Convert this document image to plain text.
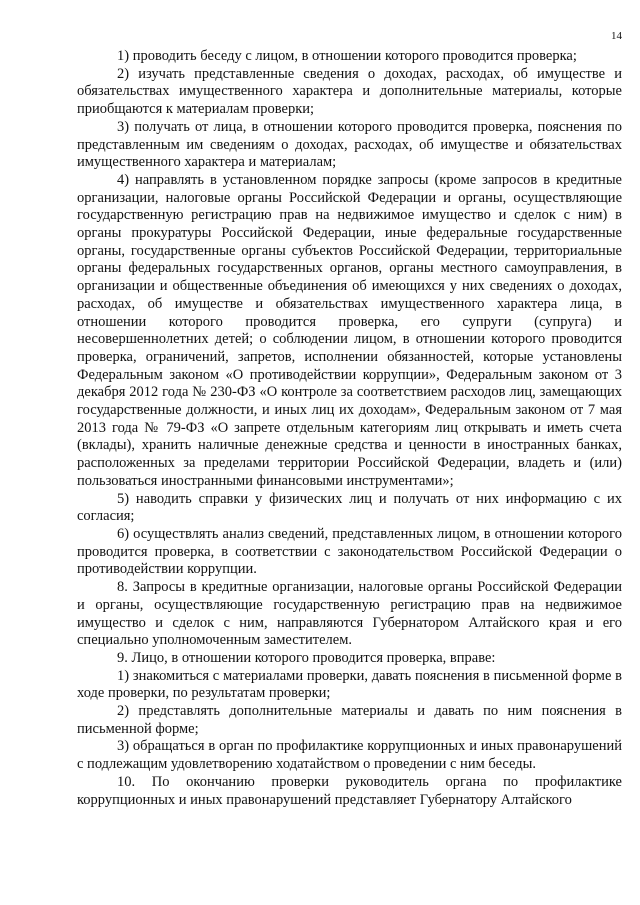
14

1) проводить беседу с лицом, в отношении которого проводится проверка;

2) изучать представленные сведения о доходах, расходах, об имуществе и обязательствах имущественного характера и дополнительные материалы, которые приобщаются к материалам проверки;

3) получать от лица, в отношении которого проводится проверка, пояснения по представленным им сведениям о доходах, расходах, об имуществе и обязательствах имущественного характера и материалам;

4) направлять в установленном порядке запросы (кроме запросов в кредитные организации, налоговые органы Российской Федерации и органы, осуществляющие государственную регистрацию прав на недвижимое имущество и сделок с ним) в органы прокуратуры Российской Федерации, иные федеральные государственные органы, государственные органы субъектов Российской Федерации, территориальные органы федеральных государственных органов, органы местного самоуправления, в организации и общественные объединения об имеющихся у них сведениях о доходах, расходах, об имуществе и обязательствах имущественного характера лица, в отношении которого проводится проверка, его супруги (супруга) и несовершеннолетних детей; о соблюдении лицом, в отношении которого проводится проверка, ограничений, запретов, исполнении обязанностей, которые установлены Федеральным законом «О противодействии коррупции», Федеральным законом от 3 декабря 2012 года № 230-ФЗ «О контроле за соответствием расходов лиц, замещающих государственные должности, и иных лиц их доходам», Федеральным законом от 7 мая 2013 года № 79-ФЗ «О запрете отдельным категориям лиц открывать и иметь счета (вклады), хранить наличные денежные средства и ценности в иностранных банках, расположенных за пределами территории Российской Федерации, владеть и (или) пользоваться иностранными финансовыми инструментами»;

5) наводить справки у физических лиц и получать от них информацию с их согласия;

6) осуществлять анализ сведений, представленных лицом, в отношении которого проводится проверка, в соответствии с законодательством Российской Федерации о противодействии коррупции.

8. Запросы в кредитные организации, налоговые органы Российской Федерации и органы, осуществляющие государственную регистрацию прав на недвижимое имущество и сделок с ним, направляются Губернатором Алтайского края и его специально уполномоченным заместителем.

9. Лицо, в отношении которого проводится проверка, вправе:

1) знакомиться с материалами проверки, давать пояснения в письменной форме в ходе проверки, по результатам проверки;

2) представлять дополнительные материалы и давать по ним пояснения в письменной форме;

3) обращаться в орган по профилактике коррупционных и иных правонарушений с подлежащим удовлетворению ходатайством о проведении с ним беседы.

10. По окончанию проверки руководитель органа по профилактике коррупционных и иных правонарушений представляет Губернатору Алтайского
